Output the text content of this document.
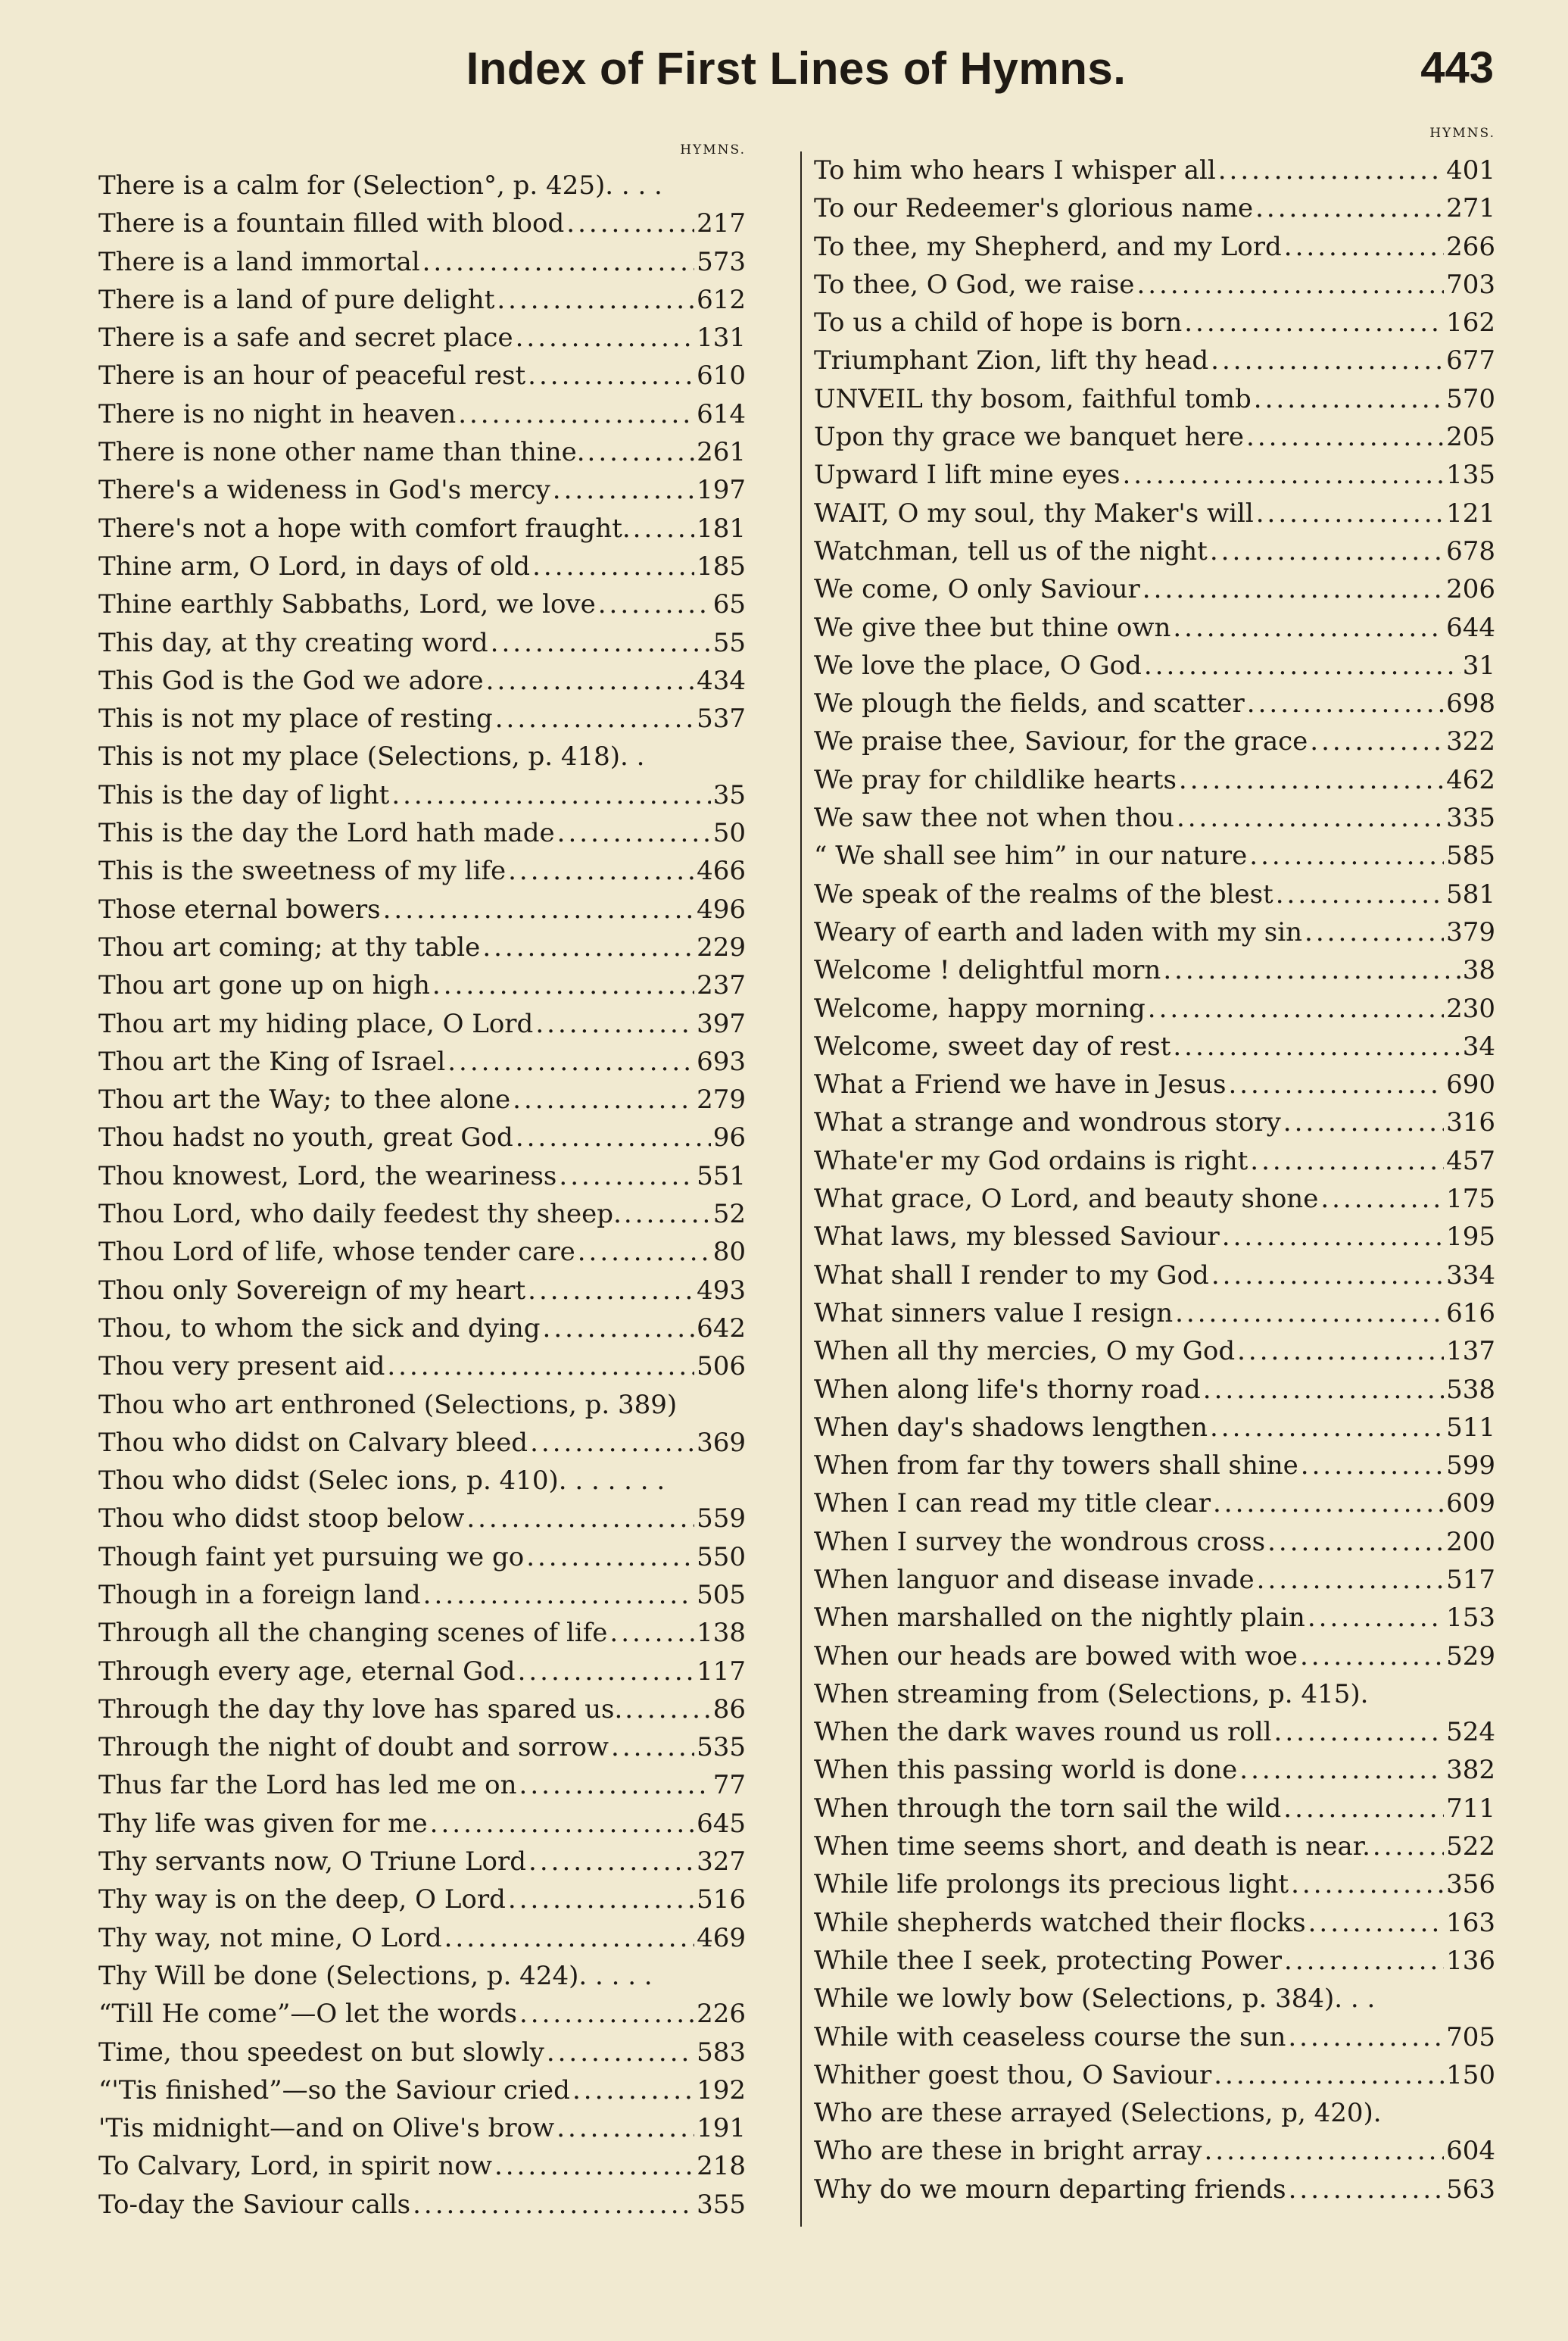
Index of First Lines of Hymns.	443
HYMNS.
There is a calm for (Selection°, p. 425). . . .
There is a fountain filled with blood .....	217
There is a land immortal .....	573
There is a land of pure delight .....	612
There is a safe and secret place .....	131
There is an hour of peaceful rest .....	610
There is no night in heaven .....	614
There is none other name than thine. .....	261
There's a wideness in God's mercy .....	197
There's not a hope with comfort fraught. .....	181
Thine arm, O Lord, in days of old .....	185
Thine earthly Sabbaths, Lord, we love .....	65
This day, at thy creating word .....	55
This God is the God we adore .....	434
This is not my place of resting .....	537
This is not my place (Selections, p. 418). .
This is the day of light .....	35
This is the day the Lord hath made .....	50
This is the sweetness of my life .....	466
Those eternal bowers .....	496
Thou art coming; at thy table .....	229
Thou art gone up on high .....	237
Thou art my hiding place, O Lord .....	397
Thou art the King of Israel .....	693
Thou art the Way; to thee alone .....	279
Thou hadst no youth, great God .....	96
Thou knowest, Lord, the weariness .....	551
Thou Lord, who daily feedest thy sheep. .....	52
Thou Lord of life, whose tender care .....	80
Thou only Sovereign of my heart .....	493
Thou, to whom the sick and dying .....	642
Thou very present aid .....	506
Thou who art enthroned (Selections, p. 389)
Thou who didst on Calvary bleed .....	369
Thou who didst (Selec ions, p. 410). . . . . . .
Thou who didst stoop below .....	559
Though faint yet pursuing we go .....	550
Though in a foreign land .....	505
Through all the changing scenes of life .....	138
Through every age, eternal God .....	117
Through the day thy love has spared us. .....	86
Through the night of doubt and sorrow .....	535
Thus far the Lord has led me on .....	77
Thy life was given for me .....	645
Thy servants now, O Triune Lord .....	327
Thy way is on the deep, O Lord .....	516
Thy way, not mine, O Lord .....	469
Thy Will be done (Selections, p. 424). . . . .
“Till He come”—O let the words .....	226
Time, thou speedest on but slowly .....	583
“'Tis finished”—so the Saviour cried .....	192
'Tis midnight—and on Olive's brow .....	191
To Calvary, Lord, in spirit now .....	218
To-day the Saviour calls .....	355
HYMNS.
To him who hears I whisper all .....	401
To our Redeemer's glorious name .....	271
To thee, my Shepherd, and my Lord .....	266
To thee, O God, we raise .....	703
To us a child of hope is born .....	162
Triumphant Zion, lift thy head .....	677
UNVEIL thy bosom, faithful tomb .....	570
Upon thy grace we banquet here .....	205
Upward I lift mine eyes .....	135
WAIT, O my soul, thy Maker's will .....	121
Watchman, tell us of the night .....	678
We come, O only Saviour .....	206
We give thee but thine own .....	644
We love the place, O God .....	31
We plough the fields, and scatter .....	698
We praise thee, Saviour, for the grace .....	322
We pray for childlike hearts .....	462
We saw thee not when thou .....	335
“ We shall see him” in our nature .....	585
We speak of the realms of the blest .....	581
Weary of earth and laden with my sin .....	379
Welcome ! delightful morn .....	38
Welcome, happy morning .....	230
Welcome, sweet day of rest .....	34
What a Friend we have in Jesus .....	690
What a strange and wondrous story .....	316
Whate'er my God ordains is right .....	457
What grace, O Lord, and beauty shone .....	175
What laws, my blessed Saviour .....	195
What shall I render to my God .....	334
What sinners value I resign .....	616
When all thy mercies, O my God .....	137
When along life's thorny road .....	538
When day's shadows lengthen .....	511
When from far thy towers shall shine .....	599
When I can read my title clear .....	609
When I survey the wondrous cross .....	200
When languor and disease invade .....	517
When marshalled on the nightly plain .....	153
When our heads are bowed with woe .....	529
When streaming from (Selections, p. 415).
When the dark waves round us roll .....	524
When this passing world is done .....	382
When through the torn sail the wild .....	711
When time seems short, and death is near. .....	522
While life prolongs its precious light .....	356
While shepherds watched their flocks .....	163
While thee I seek, protecting Power .....	136
While we lowly bow (Selections, p. 384). . .
While with ceaseless course the sun .....	705
Whither goest thou, O Saviour .....	150
Who are these arrayed (Selections, p, 420).
Who are these in bright array .....	604
Why do we mourn departing friends .....	563
